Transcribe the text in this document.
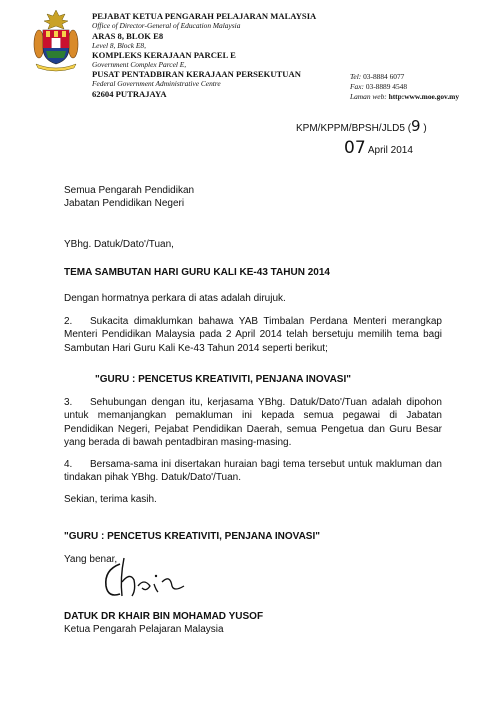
PEJABAT KETUA PENGARAH PELAJARAN MALAYSIA
Office of Director-General of Education Malaysia
ARAS 8, BLOK E8
Level 8, Block E8,
KOMPLEKS KERAJAAN PARCEL E
Government Complex Parcel E,
PUSAT PENTADBIRAN KERAJAAN PERSEKUTUAN
Federal Government Administrative Centre
62604 PUTRAJAYA
Tel: 03-8884 6077
Fax: 03-8889 4548
Laman web: http:www.moe.gov.my
KPM/KPPM/BPSH/JLD5 (9 )
07 April 2014
Semua Pengarah Pendidikan
Jabatan Pendidikan Negeri
YBhg. Datuk/Dato'/Tuan,
TEMA SAMBUTAN HARI GURU KALI KE-43 TAHUN 2014
Dengan hormatnya perkara di atas adalah dirujuk.
2. Sukacita dimaklumkan bahawa YAB Timbalan Perdana Menteri merangkap Menteri Pendidikan Malaysia pada 2 April 2014 telah bersetuju memilih tema bagi Sambutan Hari Guru Kali Ke-43 Tahun 2014 seperti berikut;
"GURU : PENCETUS KREATIVITI, PENJANA INOVASI"
3. Sehubungan dengan itu, kerjasama YBhg. Datuk/Dato'/Tuan adalah dipohon untuk memanjangkan pemakluman ini kepada semua pegawai di Jabatan Pendidikan Negeri, Pejabat Pendidikan Daerah, semua Pengetua dan Guru Besar yang berada di bawah pentadbiran masing-masing.
4. Bersama-sama ini disertakan huraian bagi tema tersebut untuk makluman dan tindakan pihak YBhg. Datuk/Dato'/Tuan.
Sekian, terima kasih.
"GURU : PENCETUS KREATIVITI, PENJANA INOVASI"
Yang benar,
DATUK DR KHAIR BIN MOHAMAD YUSOF
Ketua Pengarah Pelajaran Malaysia
